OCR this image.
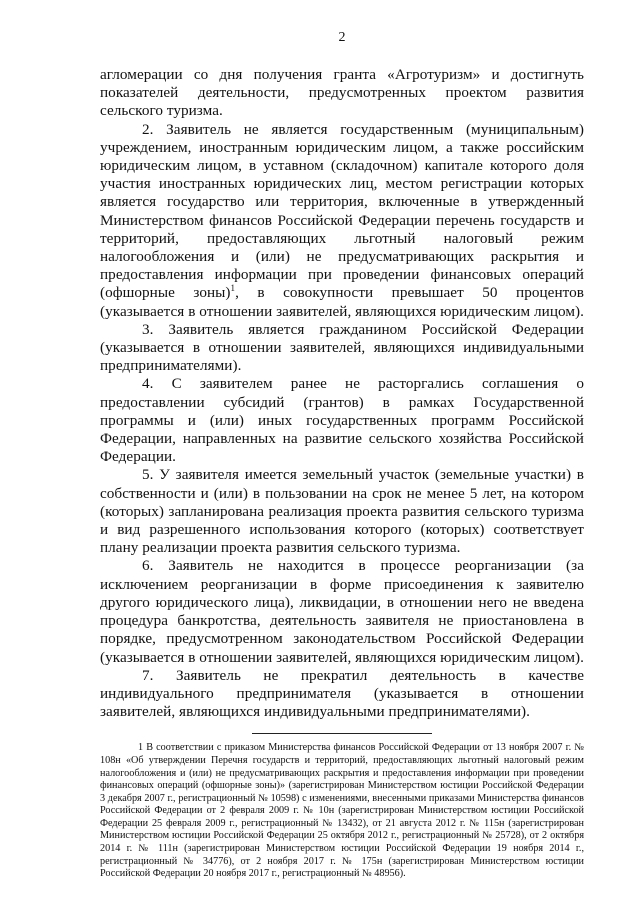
2

агломерации со дня получения гранта «Агротуризм» и достигнуть показателей деятельности, предусмотренных проектом развития сельского туризма.

2. Заявитель не является государственным (муниципальным) учреждением, иностранным юридическим лицом, а также российским юридическим лицом, в уставном (складочном) капитале которого доля участия иностранных юридических лиц, местом регистрации которых является государство или территория, включенные в утвержденный Министерством финансов Российской Федерации перечень государств и территорий, предоставляющих льготный налоговый режим налогообложения и (или) не предусматривающих раскрытия и предоставления информации при проведении финансовых операций (офшорные зоны)$^1$, в совокупности превышает 50 процентов (указывается в отношении заявителей, являющихся юридическим лицом).

3. Заявитель является гражданином Российской Федерации (указывается в отношении заявителей, являющихся индивидуальными предпринимателями).

4. С заявителем ранее не расторгались соглашения о предоставлении субсидий (грантов) в рамках Государственной программы и (или) иных государственных программ Российской Федерации, направленных на развитие сельского хозяйства Российской Федерации.

5. У заявителя имеется земельный участок (земельные участки) в собственности и (или) в пользовании на срок не менее 5 лет, на котором (которых) запланирована реализация проекта развития сельского туризма и вид разрешенного использования которого (которых) соответствует плану реализации проекта развития сельского туризма.

6. Заявитель не находится в процессе реорганизации (за исключением реорганизации в форме присоединения к заявителю другого юридического лица), ликвидации, в отношении него не введена процедура банкротства, деятельность заявителя не приостановлена в порядке, предусмотренном законодательством Российской Федерации (указывается в отношении заявителей, являющихся юридическим лицом).

7. Заявитель не прекратил деятельность в качестве индивидуального предпринимателя (указывается в отношении заявителей, являющихся индивидуальными предпринимателями).

1 В соответствии с приказом Министерства финансов Российской Федерации от 13 ноября 2007 г. № 108н «Об утверждении Перечня государств и территорий, предоставляющих льготный налоговый режим налогообложения и (или) не предусматривающих раскрытия и предоставления информации при проведении финансовых операций (офшорные зоны)» (зарегистрирован Министерством юстиции Российской Федерации 3 декабря 2007 г., регистрационный № 10598) с изменениями, внесенными приказами Министерства финансов Российской Федерации от 2 февраля 2009 г. № 10н (зарегистрирован Министерством юстиции Российской Федерации 25 февраля 2009 г., регистрационный № 13432), от 21 августа 2012 г. № 115н (зарегистрирован Министерством юстиции Российской Федерации 25 октября 2012 г., регистрационный № 25728), от 2 октября 2014 г. № 111н (зарегистрирован Министерством юстиции Российской Федерации 19 ноября 2014 г., регистрационный № 34776), от 2 ноября 2017 г. № 175н (зарегистрирован Министерством юстиции Российской Федерации 20 ноября 2017 г., регистрационный № 48956).
